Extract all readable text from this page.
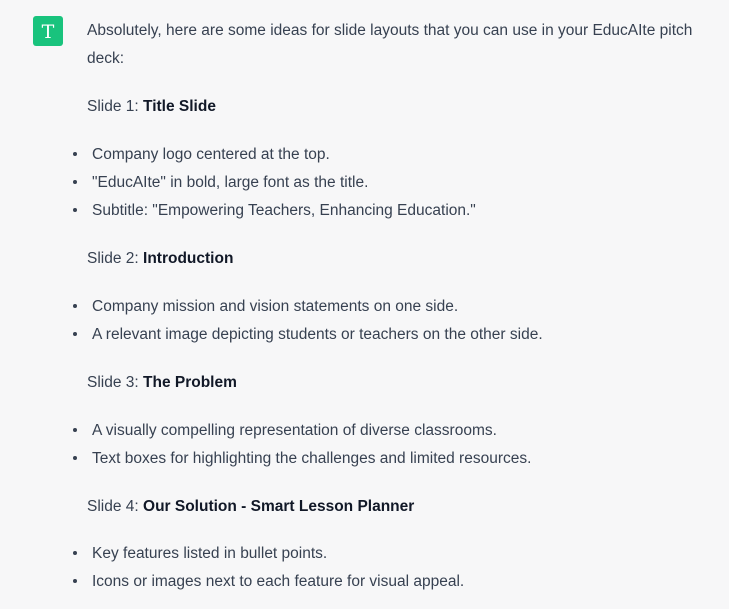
T Absolutely, here are some ideas for slide layouts that you can use in your EducAIte pitch deck:

Slide 1: Title Slide

Company logo centered at the top.
"EducAIte" in bold, large font as the title.
Subtitle: "Empowering Teachers, Enhancing Education."

Slide 2: Introduction

Company mission and vision statements on one side.
A relevant image depicting students or teachers on the other side.

Slide 3: The Problem

A visually compelling representation of diverse classrooms.
Text boxes for highlighting the challenges and limited resources.

Slide 4: Our Solution - Smart Lesson Planner

Key features listed in bullet points.
Icons or images next to each feature for visual appeal.
